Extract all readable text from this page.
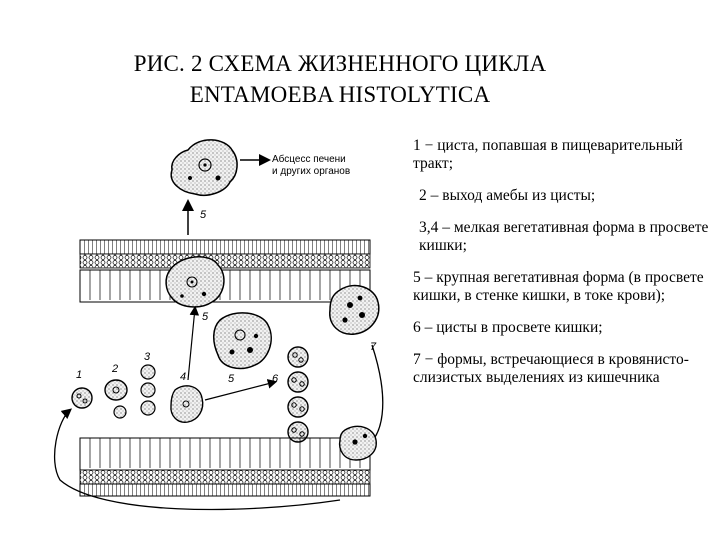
РИС. 2 СХЕМА ЖИЗНЕННОГО ЦИКЛА
ENTAMOEBA HISTOLYTICA
Абсцесс печени
и других органов
5
5
7
6
1	2
3
4	5

1 − циста, попавшая в пищеварительный тракт;

2 – выход амебы из цисты;

3,4 – мелкая вегетативная форма в просвете кишки;

5 – крупная вегетативная форма (в просвете кишки, в стенке кишки, в токе крови);

6 – цисты в просвете кишки;

7 − формы, встречающиеся в кровянисто-слизистых выделениях из кишечника
